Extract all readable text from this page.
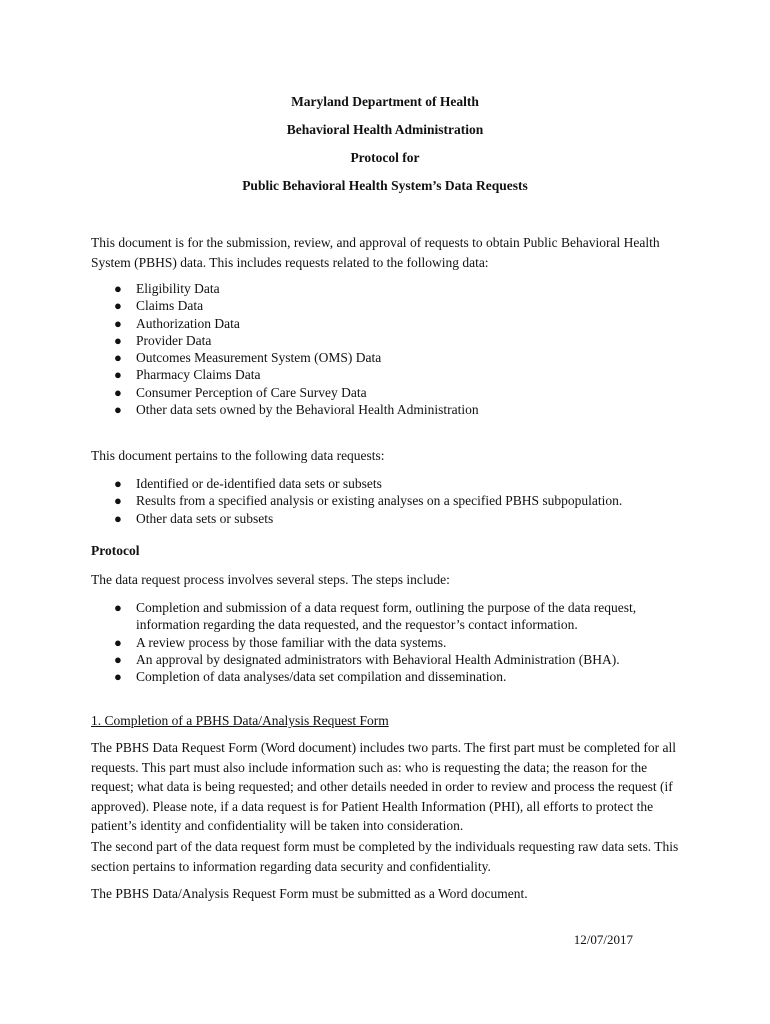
Maryland Department of Health

Behavioral Health Administration

Protocol for

Public Behavioral Health System’s Data Requests

This document is for the submission, review, and approval of requests to obtain Public Behavioral Health System (PBHS) data. This includes requests related to the following data:

● Eligibility Data
● Claims Data
● Authorization Data
● Provider Data
● Outcomes Measurement System (OMS) Data
● Pharmacy Claims Data
● Consumer Perception of Care Survey Data
● Other data sets owned by the Behavioral Health Administration

This document pertains to the following data requests:

● Identified or de-identified data sets or subsets
● Results from a specified analysis or existing analyses on a specified PBHS subpopulation.
● Other data sets or subsets

Protocol

The data request process involves several steps. The steps include:

● Completion and submission of a data request form, outlining the purpose of the data request, information regarding the data requested, and the requestor’s contact information.
● A review process by those familiar with the data systems.
● An approval by designated administrators with Behavioral Health Administration (BHA).
● Completion of data analyses/data set compilation and dissemination.

1. Completion of a PBHS Data/Analysis Request Form

The PBHS Data Request Form (Word document) includes two parts. The first part must be completed for all requests. This part must also include information such as: who is requesting the data; the reason for the request; what data is being requested; and other details needed in order to review and process the request (if approved). Please note, if a data request is for Patient Health Information (PHI), all efforts to protect the patient’s identity and confidentiality will be taken into consideration.

The second part of the data request form must be completed by the individuals requesting raw data sets. This section pertains to information regarding data security and confidentiality.

The PBHS Data/Analysis Request Form must be submitted as a Word document.

12/07/2017
